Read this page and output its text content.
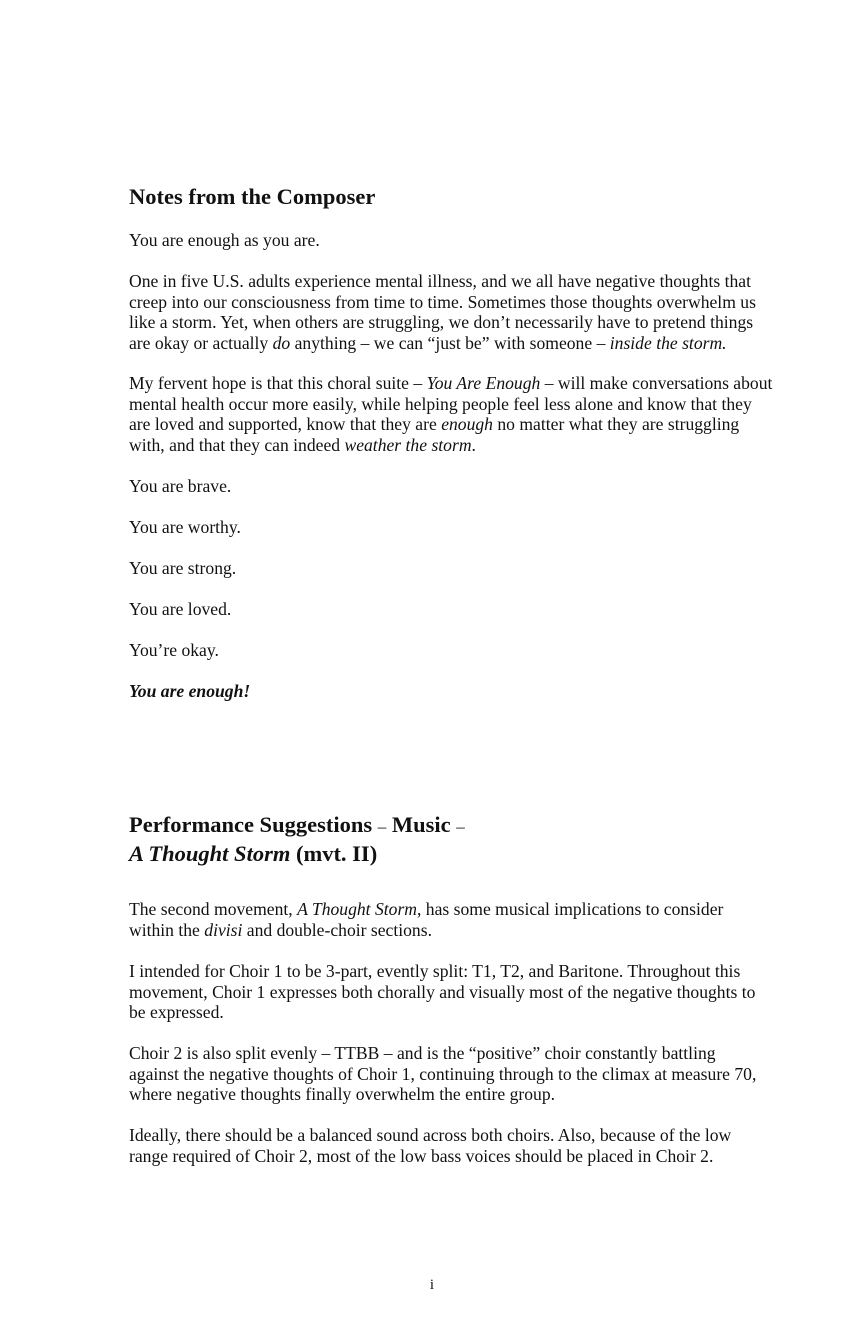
Notes from the Composer

You are enough as you are.

One in five U.S. adults experience mental illness, and we all have negative thoughts that
creep into our consciousness from time to time. Sometimes those thoughts overwhelm us
like a storm. Yet, when others are struggling, we don’t necessarily have to pretend things
are okay or actually do anything – we can “just be” with someone – inside the storm.

My fervent hope is that this choral suite – You Are Enough – will make conversations about
mental health occur more easily, while helping people feel less alone and know that they
are loved and supported, know that they are enough no matter what they are struggling
with, and that they can indeed weather the storm.

You are brave.

You are worthy.

You are strong.

You are loved.

You’re okay.

You are enough!

Performance Suggestions – Music –
A Thought Storm (mvt. II)

The second movement, A Thought Storm, has some musical implications to consider
within the divisi and double-choir sections.

I intended for Choir 1 to be 3-part, evently split: T1, T2, and Baritone. Throughout this
movement, Choir 1 expresses both chorally and visually most of the negative thoughts to
be expressed.

Choir 2 is also split evenly – TTBB – and is the “positive” choir constantly battling
against the negative thoughts of Choir 1, continuing through to the climax at measure 70,
where negative thoughts finally overwhelm the entire group.

Ideally, there should be a balanced sound across both choirs. Also, because of the low
range required of Choir 2, most of the low bass voices should be placed in Choir 2.

i
